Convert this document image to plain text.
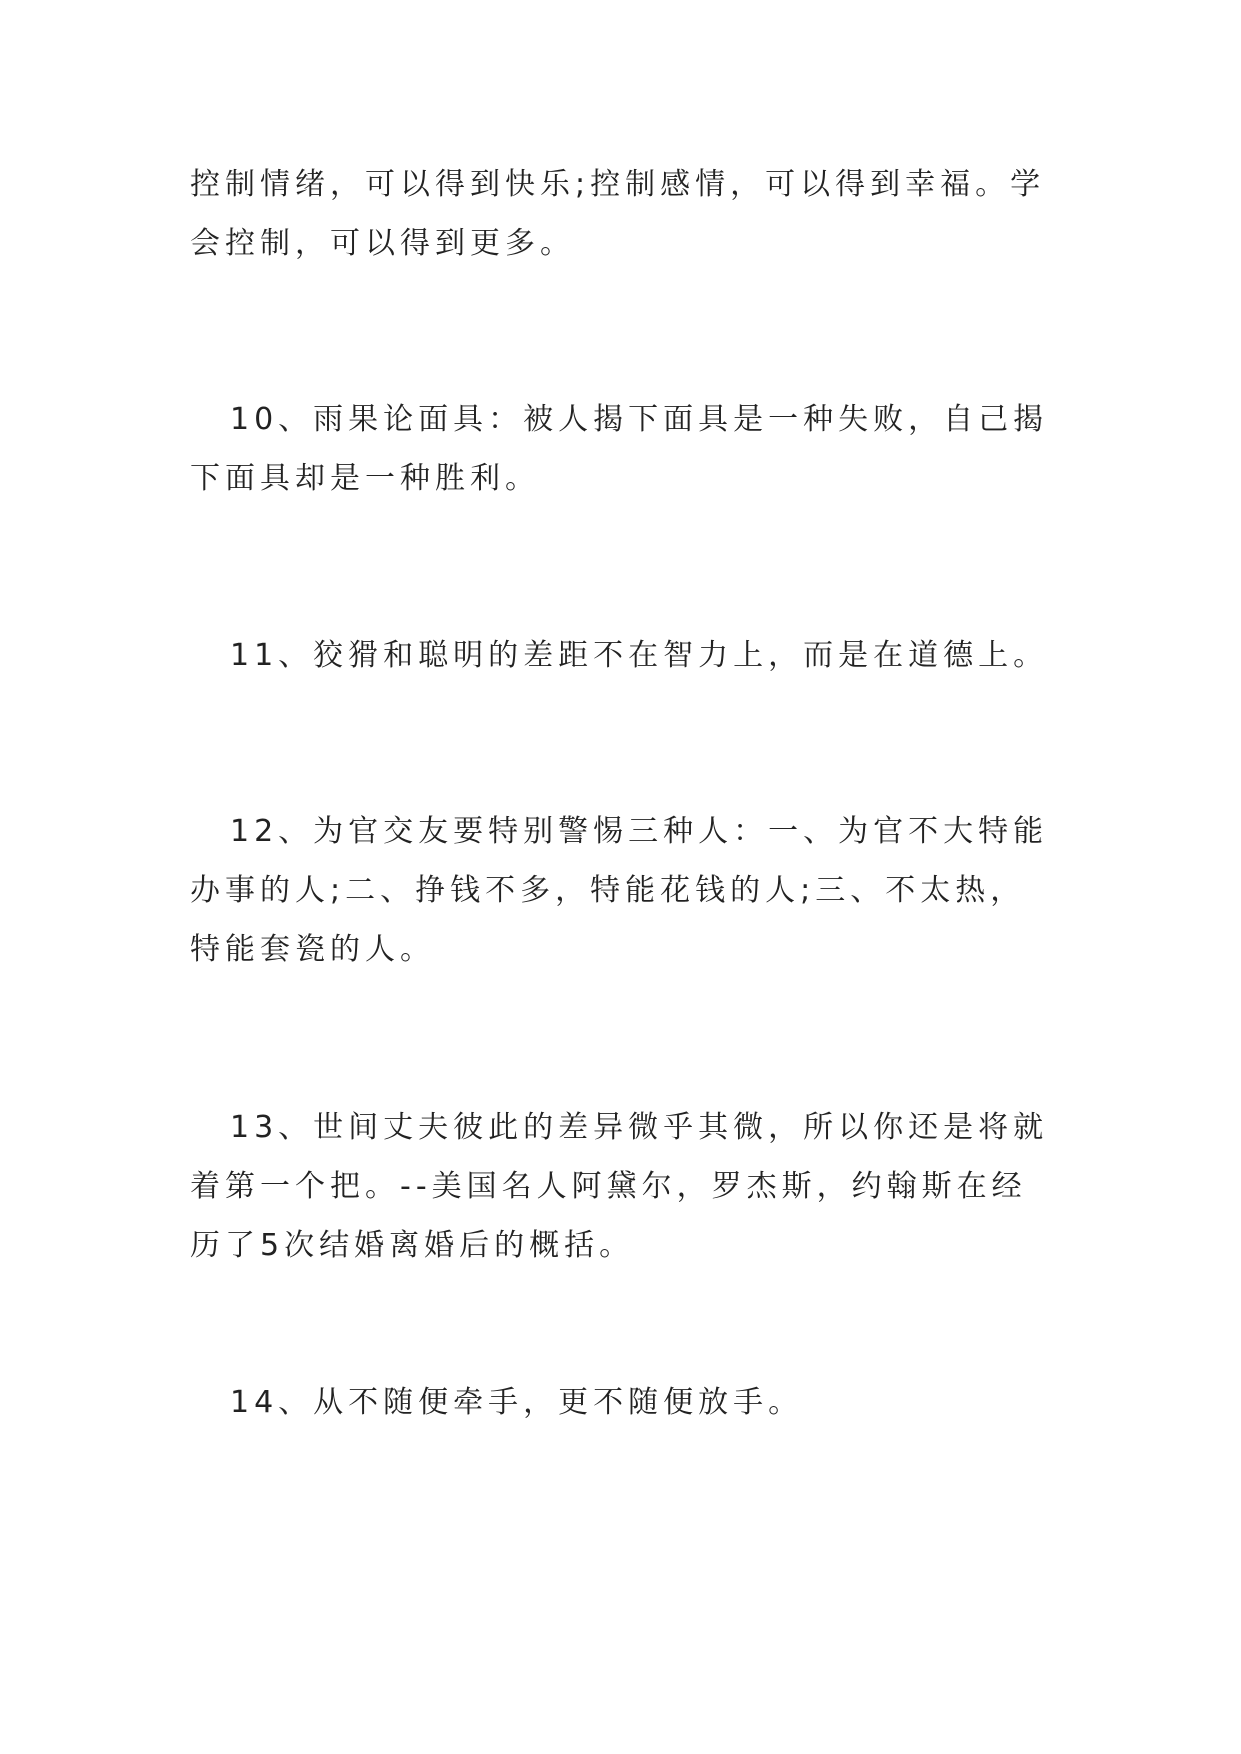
控制情绪，可以得到快乐;控制感情，可以得到幸福。学会控制，可以得到更多。

10、雨果论面具：被人揭下面具是一种失败，自己揭下面具却是一种胜利。

11、狡猾和聪明的差距不在智力上，而是在道德上。

12、为官交友要特别警惕三种人：一、为官不大特能办事的人;二、挣钱不多，特能花钱的人;三、不太热，特能套瓷的人。

13、世间丈夫彼此的差异微乎其微，所以你还是将就着第一个把。--美国名人阿黛尔，罗杰斯，约翰斯在经历了5次结婚离婚后的概括。

14、从不随便牵手，更不随便放手。
